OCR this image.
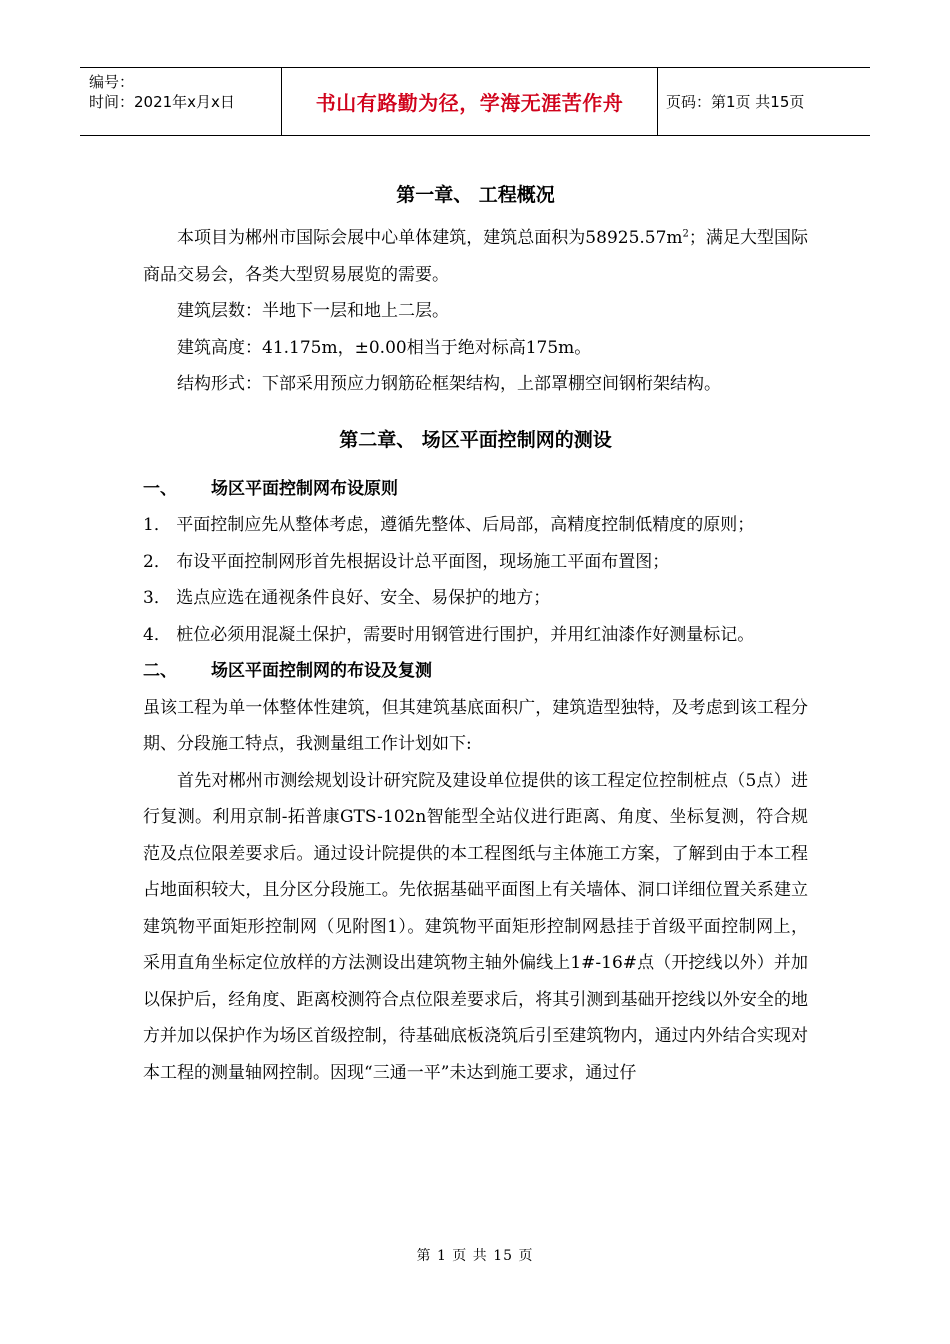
编号：
时间：2021年x月x日	书山有路勤为径，学海无涯苦作舟	页码：第1页 共15页
第一章、 工程概况

本项目为郴州市国际会展中心单体建筑，建筑总面积为$58925.57m^2$；满足大型国际商品交易会，各类大型贸易展览的需要。

建筑层数：半地下一层和地上二层。

建筑高度：41.175m，±0.00相当于绝对标高175m。

结构形式：下部采用预应力钢筋砼框架结构，上部罩棚空间钢桁架结构。

第二章、 场区平面控制网的测设
一、 场区平面控制网布设原则

1． 平面控制应先从整体考虑，遵循先整体、后局部，高精度控制低精度的原则；

2． 布设平面控制网形首先根据设计总平面图，现场施工平面布置图；

3． 选点应选在通视条件良好、安全、易保护的地方；

4． 桩位必须用混凝土保护，需要时用钢管进行围护，并用红油漆作好测量标记。

二、 场区平面控制网的布设及复测

虽该工程为单一体整体性建筑，但其建筑基底面积广，建筑造型独特，及考虑到该工程分期、分段施工特点，我测量组工作计划如下:

首先对郴州市测绘规划设计研究院及建设单位提供的该工程定位控制桩点（5点）进行复测。利用京制-拓普康GTS-102n智能型全站仪进行距离、角度、坐标复测，符合规范及点位限差要求后。通过设计院提供的本工程图纸与主体施工方案，了解到由于本工程占地面积较大，且分区分段施工。先依据基础平面图上有关墙体、洞口详细位置关系建立建筑物平面矩形控制网（见附图1）。建筑物平面矩形控制网悬挂于首级平面控制网上，采用直角坐标定位放样的方法测设出建筑物主轴外偏线上1#-16#点（开挖线以外）并加以保护后，经角度、距离校测符合点位限差要求后，将其引测到基础开挖线以外安全的地方并加以保护作为场区首级控制，待基础底板浇筑后引至建筑物内，通过内外结合实现对本工程的测量轴网控制。因现“三通一平”未达到施工要求，通过仔

第 1 页 共 15 页
